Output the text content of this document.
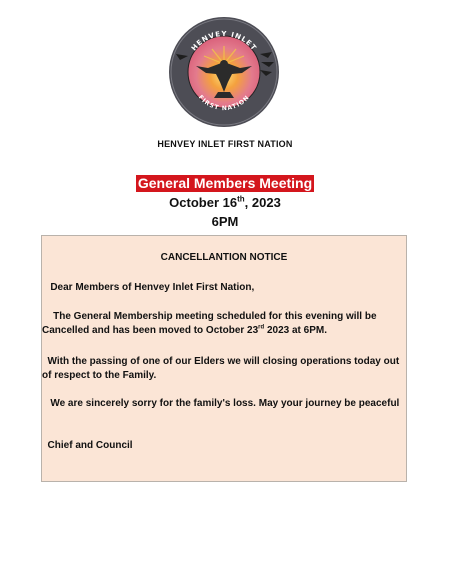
HENVEY INLET
FIRST NATION
HENVEY INLET FIRST NATION
General Members Meeting
October 16th, 2023
6PM
CANCELLANTION NOTICE
Dear Members of Henvey Inlet First Nation,
The General Membership meeting scheduled for this evening will be
Cancelled and has been moved to October 23rd 2023 at 6PM.
With the passing of one of our Elders we will closing operations today out
of respect to the Family.
We are sincerely sorry for the family's loss. May your journey be peaceful
Chief and Council
